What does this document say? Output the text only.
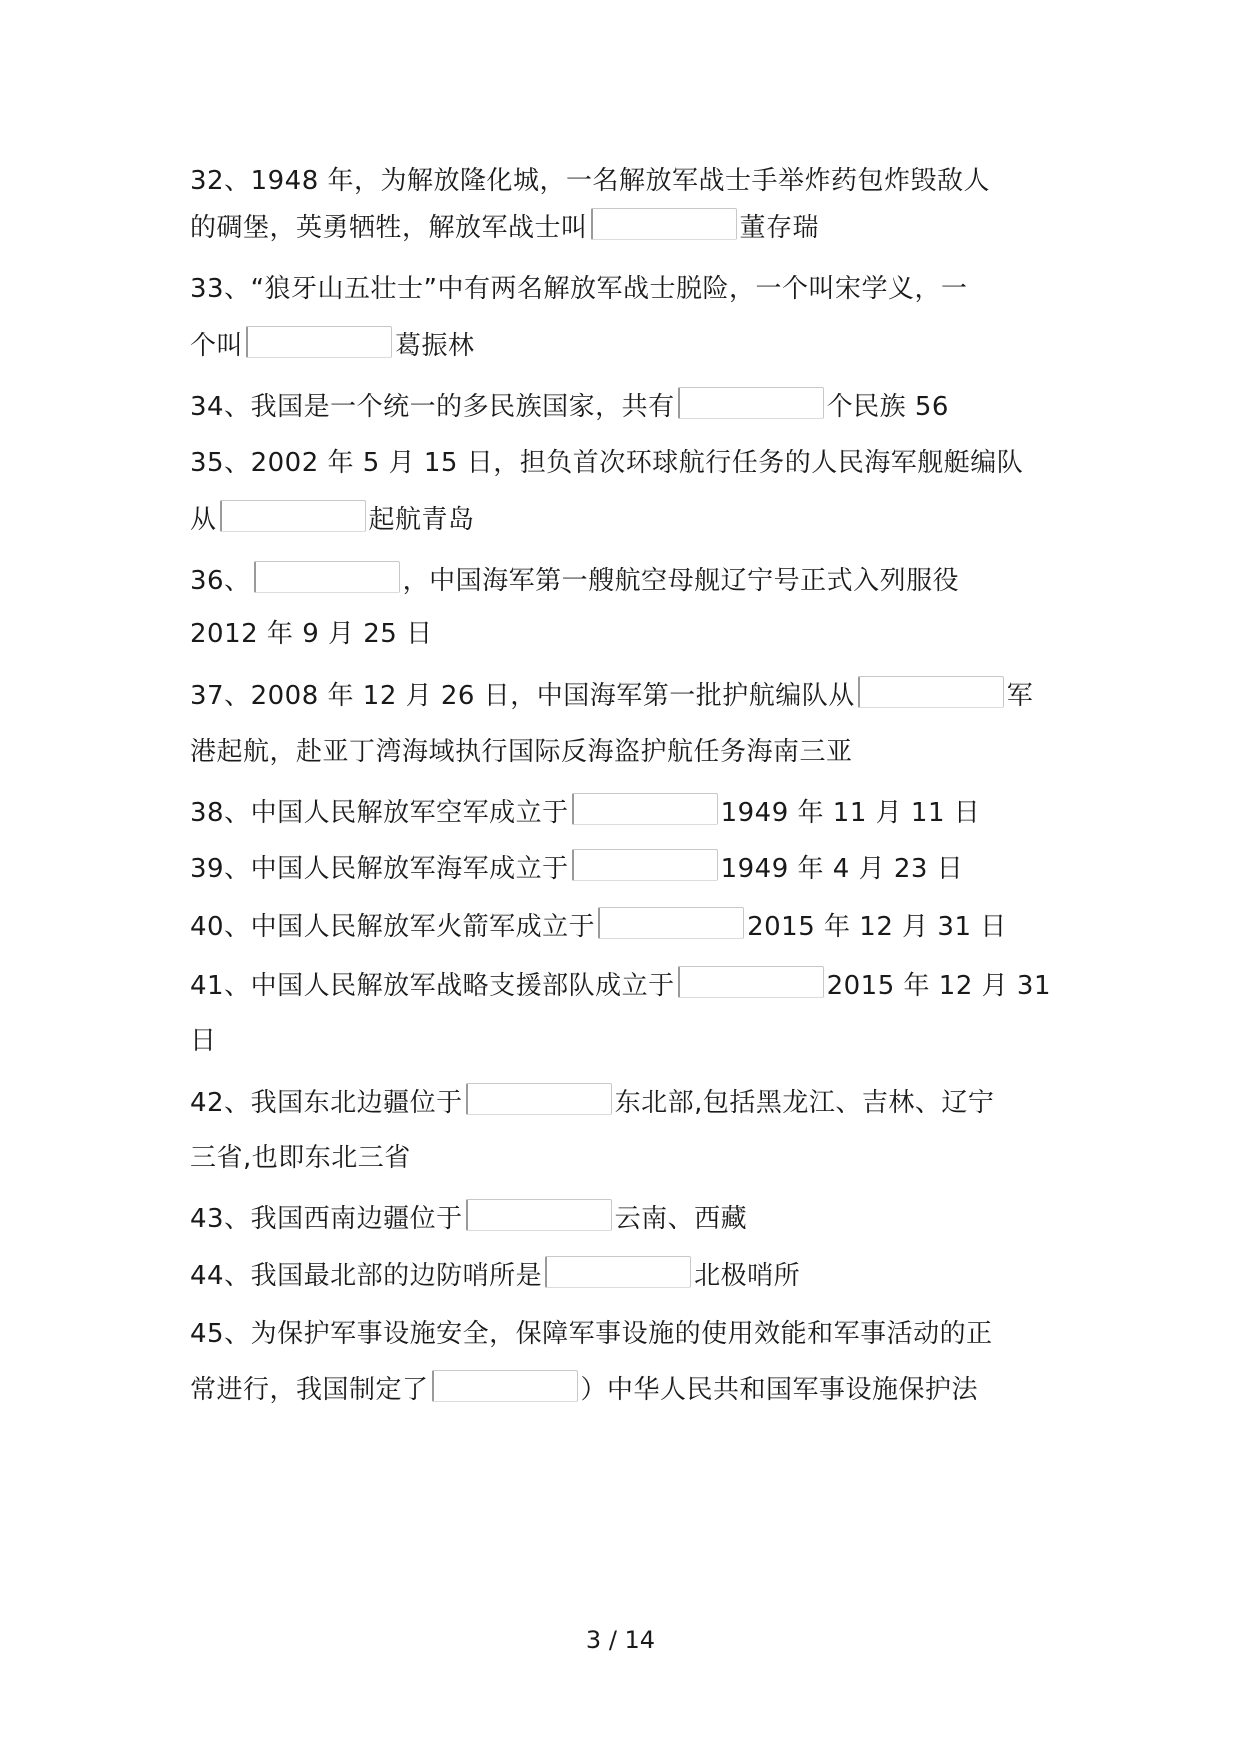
32、1948 年，为解放隆化城，一名解放军战士手举炸药包炸毁敌人
的碉堡，英勇牺牲，解放军战士叫	董存瑞
33、“狼牙山五壮士”中有两名解放军战士脱险，一个叫宋学义，一
个叫	葛振林
34、我国是一个统一的多民族国家，共有	个民族 56
35、2002 年 5 月 15 日，担负首次环球航行任务的人民海军舰艇编队
从	起航青岛
36、	，中国海军第一艘航空母舰辽宁号正式入列服役
2012 年 9 月 25 日
37、2008 年 12 月 26 日，中国海军第一批护航编队从	军
港起航，赴亚丁湾海域执行国际反海盗护航任务海南三亚
38、中国人民解放军空军成立于	1949 年 11 月 11 日
39、中国人民解放军海军成立于	1949 年 4 月 23 日
40、中国人民解放军火箭军成立于	2015 年 12 月 31 日
41、中国人民解放军战略支援部队成立于	2015 年 12 月 31
日
42、我国东北边疆位于	东北部,包括黑龙江、吉林、辽宁
三省,也即东北三省
43、我国西南边疆位于	云南、西藏
44、我国最北部的边防哨所是	北极哨所
45、为保护军事设施安全，保障军事设施的使用效能和军事活动的正
常进行，我国制定了	）中华人民共和国军事设施保护法
3 / 14
